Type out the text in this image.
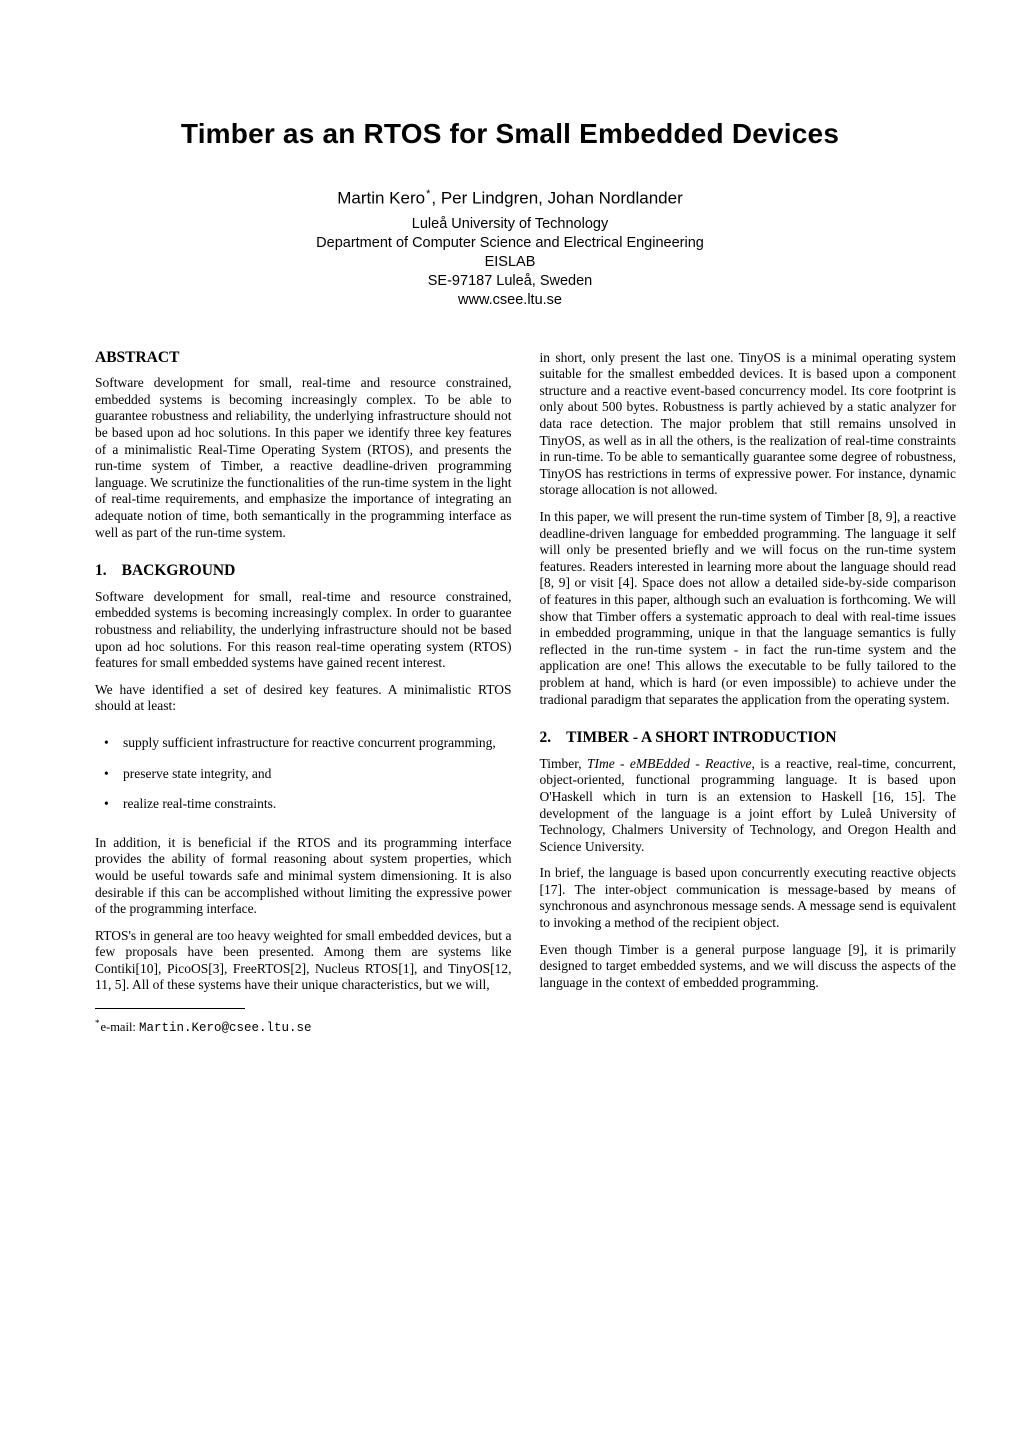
Timber as an RTOS for Small Embedded Devices
Martin Kero*, Per Lindgren, Johan Nordlander
Luleå University of Technology
Department of Computer Science and Electrical Engineering
EISLAB
SE-97187 Luleå, Sweden
www.csee.ltu.se
ABSTRACT

Software development for small, real-time and resource constrained, embedded systems is becoming increasingly complex. To be able to guarantee robustness and reliability, the underlying infrastructure should not be based upon ad hoc solutions. In this paper we identify three key features of a minimalistic Real-Time Operating System (RTOS), and presents the run-time system of Timber, a reactive deadline-driven programming language. We scrutinize the functionalities of the run-time system in the light of real-time requirements, and emphasize the importance of integrating an adequate notion of time, both semantically in the programming interface as well as part of the run-time system.

1. BACKGROUND

Software development for small, real-time and resource constrained, embedded systems is becoming increasingly complex. In order to guarantee robustness and reliability, the underlying infrastructure should not be based upon ad hoc solutions. For this reason real-time operating system (RTOS) features for small embedded systems have gained recent interest.

We have identified a set of desired key features. A minimalistic RTOS should at least:

•	supply sufficient infrastructure for reactive concurrent programming,
•	preserve state integrity, and
•	realize real-time constraints.

In addition, it is beneficial if the RTOS and its programming interface provides the ability of formal reasoning about system properties, which would be useful towards safe and minimal system dimensioning. It is also desirable if this can be accomplished without limiting the expressive power of the programming interface.

RTOS's in general are too heavy weighted for small embedded devices, but a few proposals have been presented. Among them are systems like Contiki[10], PicoOS[3], FreeRTOS[2], Nucleus RTOS[1], and TinyOS[12, 11, 5]. All of these systems have their unique characteristics, but we will,

*e-mail: Martin.Kero@csee.ltu.se

in short, only present the last one. TinyOS is a minimal operating system suitable for the smallest embedded devices. It is based upon a component structure and a reactive event-based concurrency model. Its core footprint is only about 500 bytes. Robustness is partly achieved by a static analyzer for data race detection. The major problem that still remains unsolved in TinyOS, as well as in all the others, is the realization of real-time constraints in run-time. To be able to semantically guarantee some degree of robustness, TinyOS has restrictions in terms of expressive power. For instance, dynamic storage allocation is not allowed.

In this paper, we will present the run-time system of Timber [8, 9], a reactive deadline-driven language for embedded programming. The language it self will only be presented briefly and we will focus on the run-time system features. Readers interested in learning more about the language should read [8, 9] or visit [4]. Space does not allow a detailed side-by-side comparison of features in this paper, although such an evaluation is forthcoming. We will show that Timber offers a systematic approach to deal with real-time issues in embedded programming, unique in that the language semantics is fully reflected in the run-time system - in fact the run-time system and the application are one! This allows the executable to be fully tailored to the problem at hand, which is hard (or even impossible) to achieve under the tradional paradigm that separates the application from the operating system.

2. TIMBER - A SHORT INTRODUCTION

Timber, TIme - eMBEdded - Reactive, is a reactive, real-time, concurrent, object-oriented, functional programming language. It is based upon O'Haskell which in turn is an extension to Haskell [16, 15]. The development of the language is a joint effort by Luleå University of Technology, Chalmers University of Technology, and Oregon Health and Science University.

In brief, the language is based upon concurrently executing reactive objects [17]. The inter-object communication is message-based by means of synchronous and asynchronous message sends. A message send is equivalent to invoking a method of the recipient object.

Even though Timber is a general purpose language [9], it is primarily designed to target embedded systems, and we will discuss the aspects of the language in the context of embedded programming.
